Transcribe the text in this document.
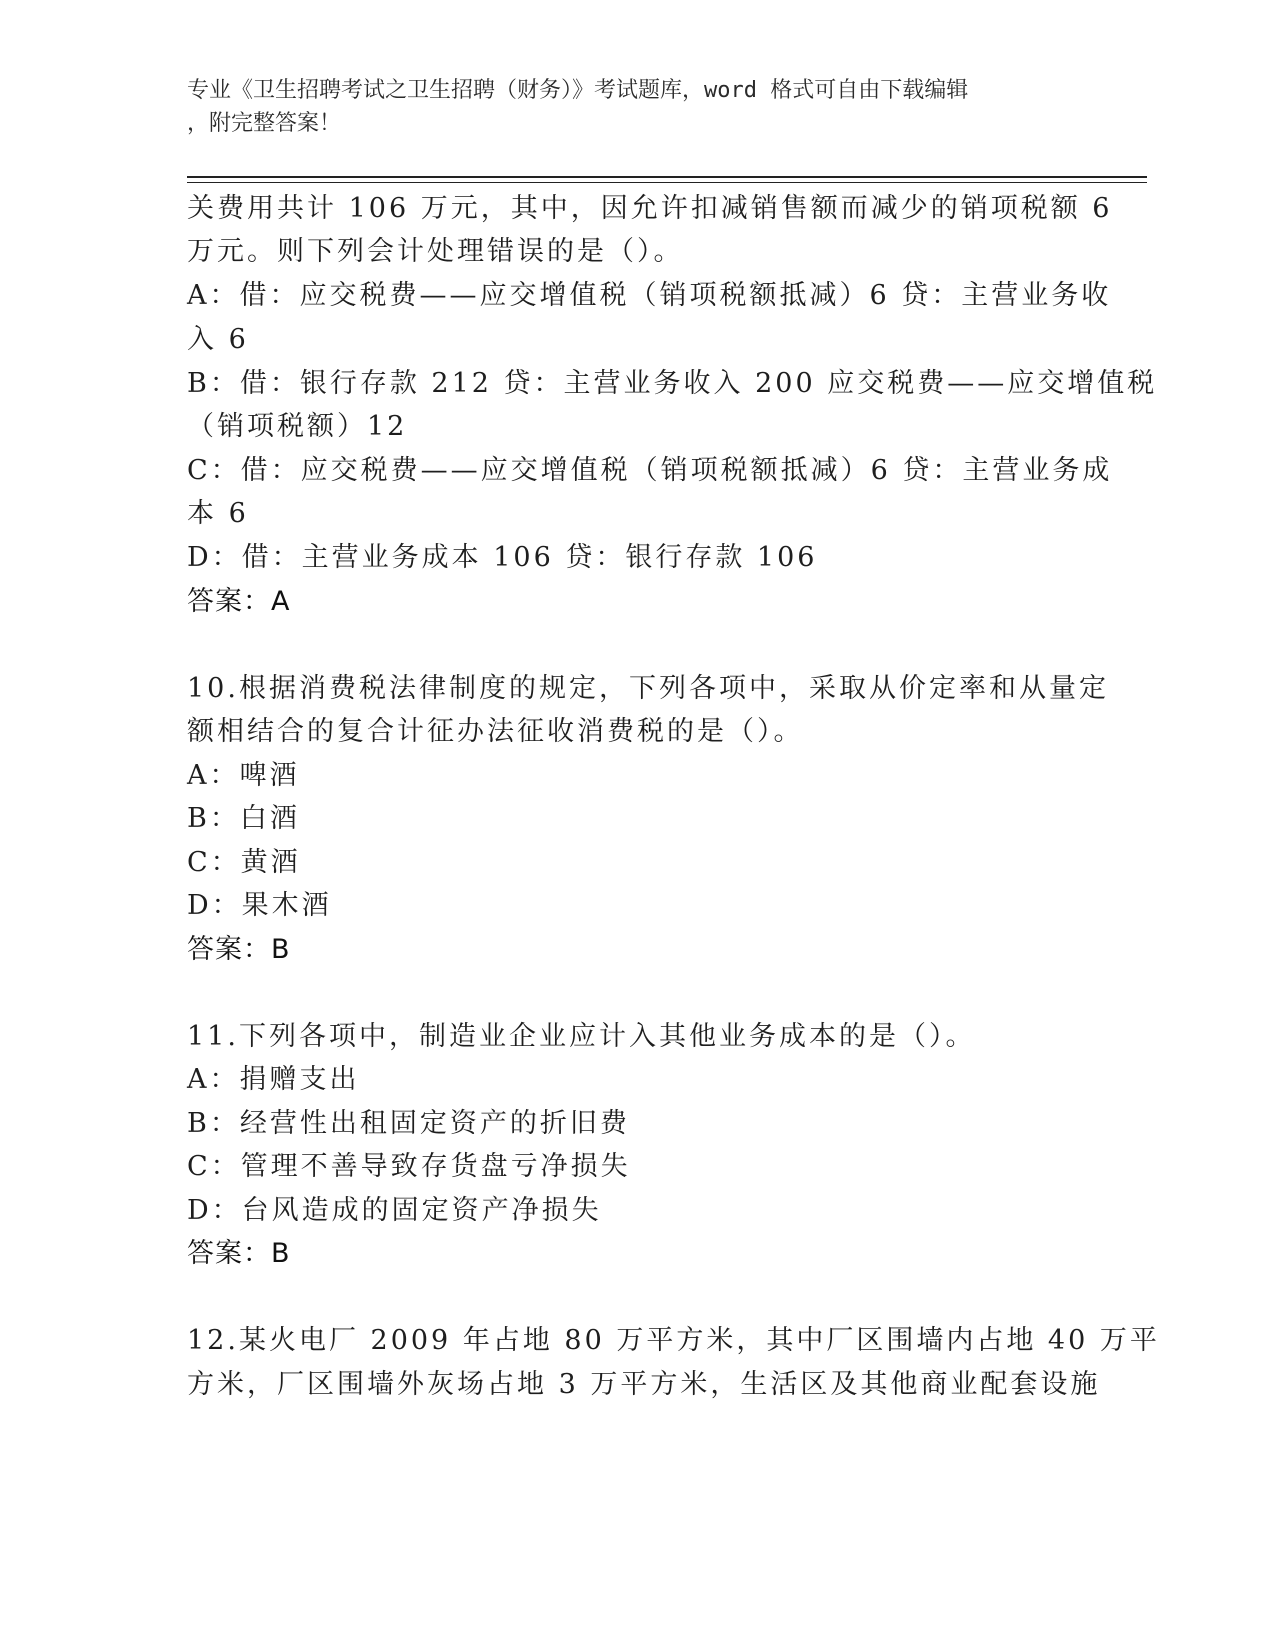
专业《卫生招聘考试之卫生招聘（财务）》考试题库，word 格式可自由下载编辑
，附完整答案！
关费用共计 106 万元，其中，因允许扣减销售额而减少的销项税额 6
万元。则下列会计处理错误的是（）。
A：借：应交税费——应交增值税（销项税额抵减）6 贷：主营业务收
入 6
B：借：银行存款 212 贷：主营业务收入 200 应交税费——应交增值税
（销项税额）12
C：借：应交税费——应交增值税（销项税额抵减）6 贷：主营业务成
本 6
D：借：主营业务成本 106 贷：银行存款 106
答案：A
10.根据消费税法律制度的规定，下列各项中，采取从价定率和从量定
额相结合的复合计征办法征收消费税的是（）。
A：啤酒
B：白酒
C：黄酒
D：果木酒
答案：B
11.下列各项中，制造业企业应计入其他业务成本的是（）。
A：捐赠支出
B：经营性出租固定资产的折旧费
C：管理不善导致存货盘亏净损失
D：台风造成的固定资产净损失
答案：B
12.某火电厂 2009 年占地 80 万平方米，其中厂区围墙内占地 40 万平
方米，厂区围墙外灰场占地 3 万平方米，生活区及其他商业配套设施
